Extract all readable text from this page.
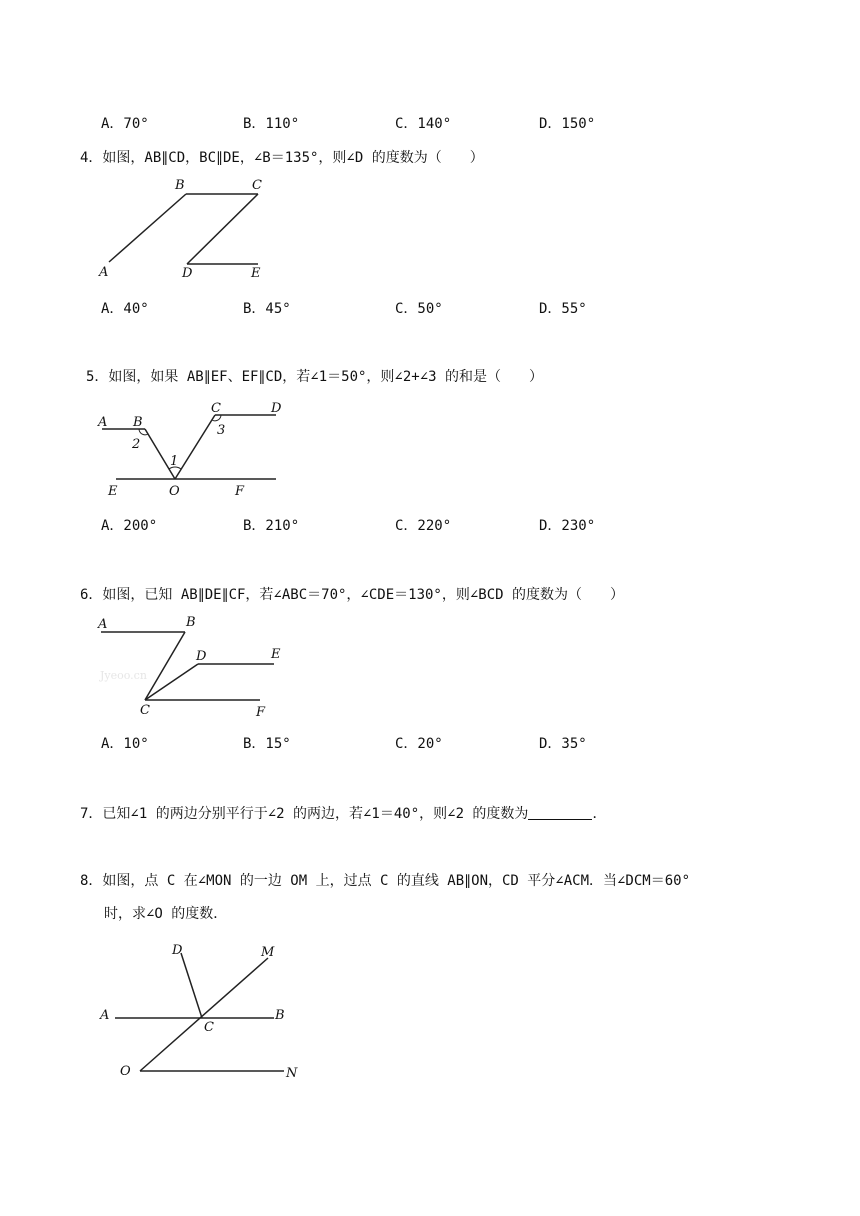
A．70°	B．110°	C．140°	D．150°
4．如图，AB∥CD，BC∥DE，∠B＝135°，则∠D 的度数为（　　）
A
B	C
D	E
A．40°	B．45°	C．50°	D．55°
5．如图，如果 AB∥EF、EF∥CD，若∠1＝50°，则∠2+∠3 的和是（　　）
A B
C	D
E	O	F
1
2
3
A．200°	B．210°	C．220°	D．230°
6．如图，已知 AB∥DE∥CF，若∠ABC＝70°，∠CDE＝130°，则∠BCD 的度数为（　　）
Jyeoo.cn
A	B
D	E
C	F
A．10°	B．15°	C．20°	D．35°
7．已知∠1 的两边分别平行于∠2 的两边，若∠1＝40°，则∠2 的度数为	．
8．如图，点 C 在∠MON 的一边 OM 上，过点 C 的直线 AB∥ON，CD 平分∠ACM．当∠DCM＝60°
时，求∠O 的度数．
D	M
A
C
B
O	N
